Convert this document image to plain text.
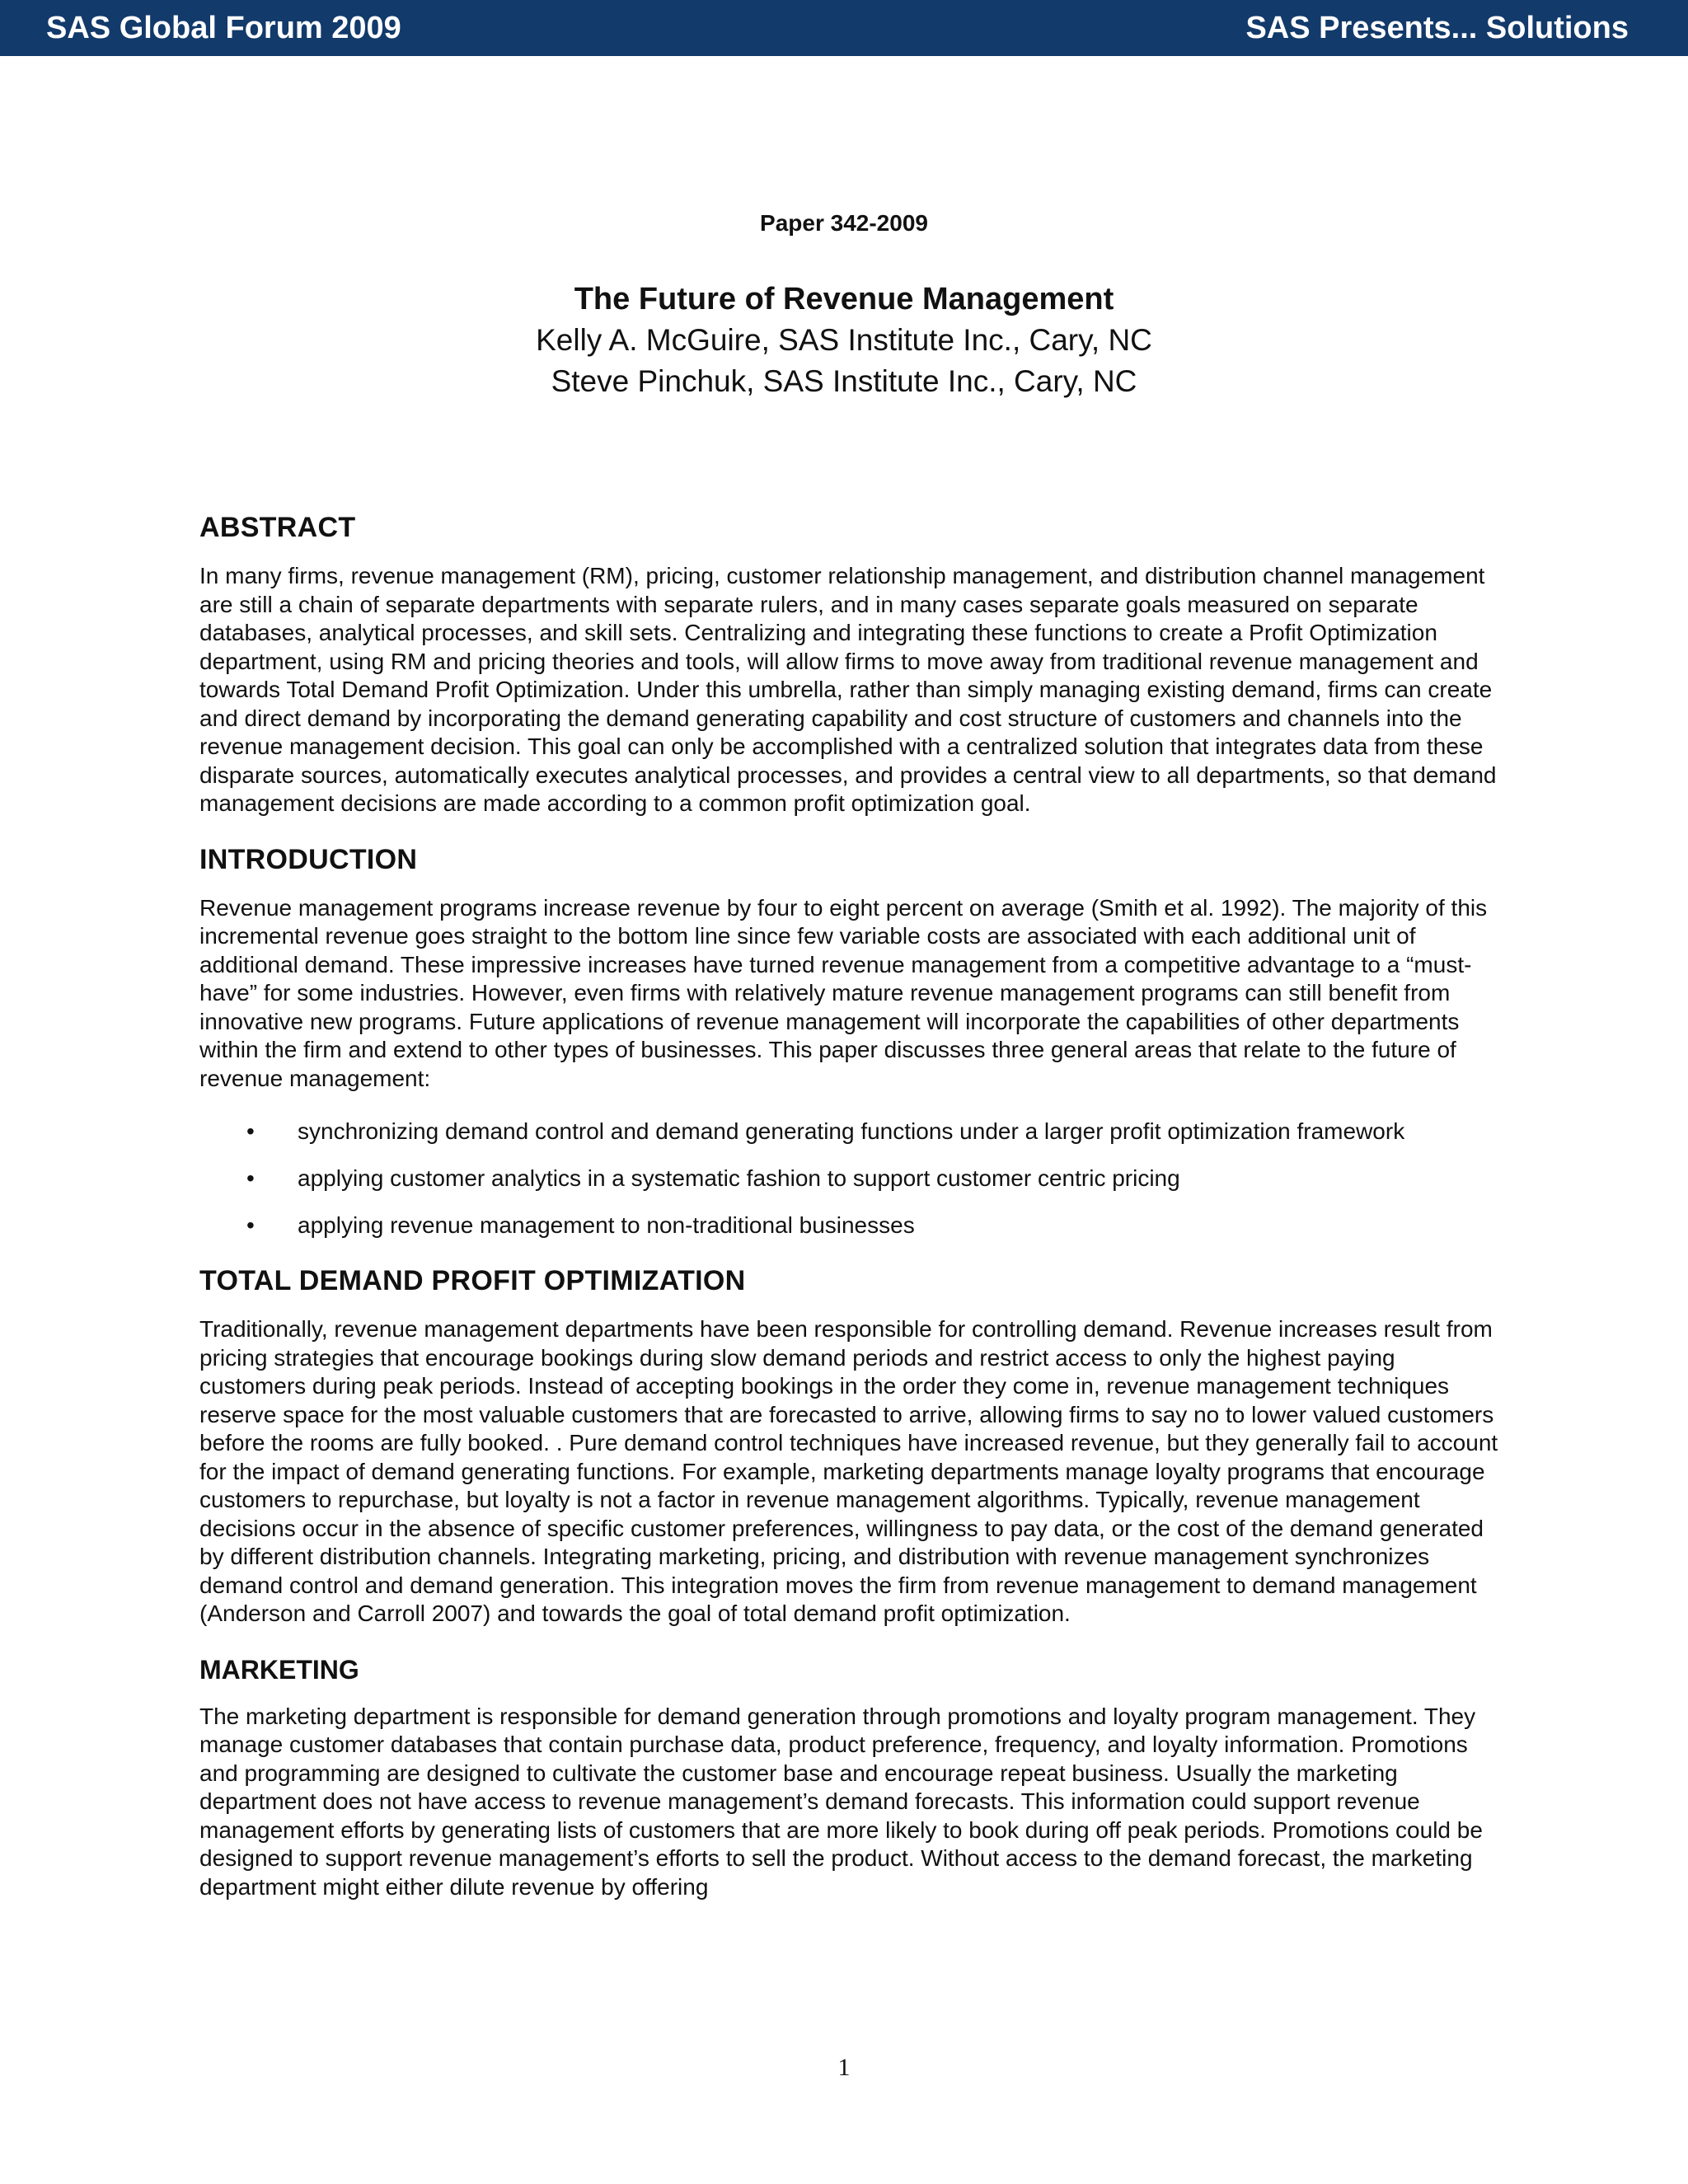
SAS Global Forum 2009	SAS Presents... Solutions
Paper 342-2009
The Future of Revenue Management
Kelly A. McGuire, SAS Institute Inc., Cary, NC
Steve Pinchuk, SAS Institute Inc., Cary, NC
ABSTRACT

In many firms, revenue management (RM), pricing, customer relationship management, and distribution channel management are still a chain of separate departments with separate rulers, and in many cases separate goals measured on separate databases, analytical processes, and skill sets. Centralizing and integrating these functions to create a Profit Optimization department, using RM and pricing theories and tools, will allow firms to move away from traditional revenue management and towards Total Demand Profit Optimization. Under this umbrella, rather than simply managing existing demand, firms can create and direct demand by incorporating the demand generating capability and cost structure of customers and channels into the revenue management decision. This goal can only be accomplished with a centralized solution that integrates data from these disparate sources, automatically executes analytical processes, and provides a central view to all departments, so that demand management decisions are made according to a common profit optimization goal.

INTRODUCTION

Revenue management programs increase revenue by four to eight percent on average (Smith et al. 1992). The majority of this incremental revenue goes straight to the bottom line since few variable costs are associated with each additional unit of additional demand. These impressive increases have turned revenue management from a competitive advantage to a “must-have” for some industries. However, even firms with relatively mature revenue management programs can still benefit from innovative new programs. Future applications of revenue management will incorporate the capabilities of other departments within the firm and extend to other types of businesses. This paper discusses three general areas that relate to the future of revenue management:

• synchronizing demand control and demand generating functions under a larger profit optimization framework
• applying customer analytics in a systematic fashion to support customer centric pricing
• applying revenue management to non-traditional businesses
TOTAL DEMAND PROFIT OPTIMIZATION

Traditionally, revenue management departments have been responsible for controlling demand. Revenue increases result from pricing strategies that encourage bookings during slow demand periods and restrict access to only the highest paying customers during peak periods. Instead of accepting bookings in the order they come in, revenue management techniques reserve space for the most valuable customers that are forecasted to arrive, allowing firms to say no to lower valued customers before the rooms are fully booked. . Pure demand control techniques have increased revenue, but they generally fail to account for the impact of demand generating functions. For example, marketing departments manage loyalty programs that encourage customers to repurchase, but loyalty is not a factor in revenue management algorithms. Typically, revenue management decisions occur in the absence of specific customer preferences, willingness to pay data, or the cost of the demand generated by different distribution channels. Integrating marketing, pricing, and distribution with revenue management synchronizes demand control and demand generation. This integration moves the firm from revenue management to demand management (Anderson and Carroll 2007) and towards the goal of total demand profit optimization.

MARKETING

The marketing department is responsible for demand generation through promotions and loyalty program management. They manage customer databases that contain purchase data, product preference, frequency, and loyalty information. Promotions and programming are designed to cultivate the customer base and encourage repeat business. Usually the marketing department does not have access to revenue management’s demand forecasts. This information could support revenue management efforts by generating lists of customers that are more likely to book during off peak periods. Promotions could be designed to support revenue management’s efforts to sell the product. Without access to the demand forecast, the marketing department might either dilute revenue by offering

1
